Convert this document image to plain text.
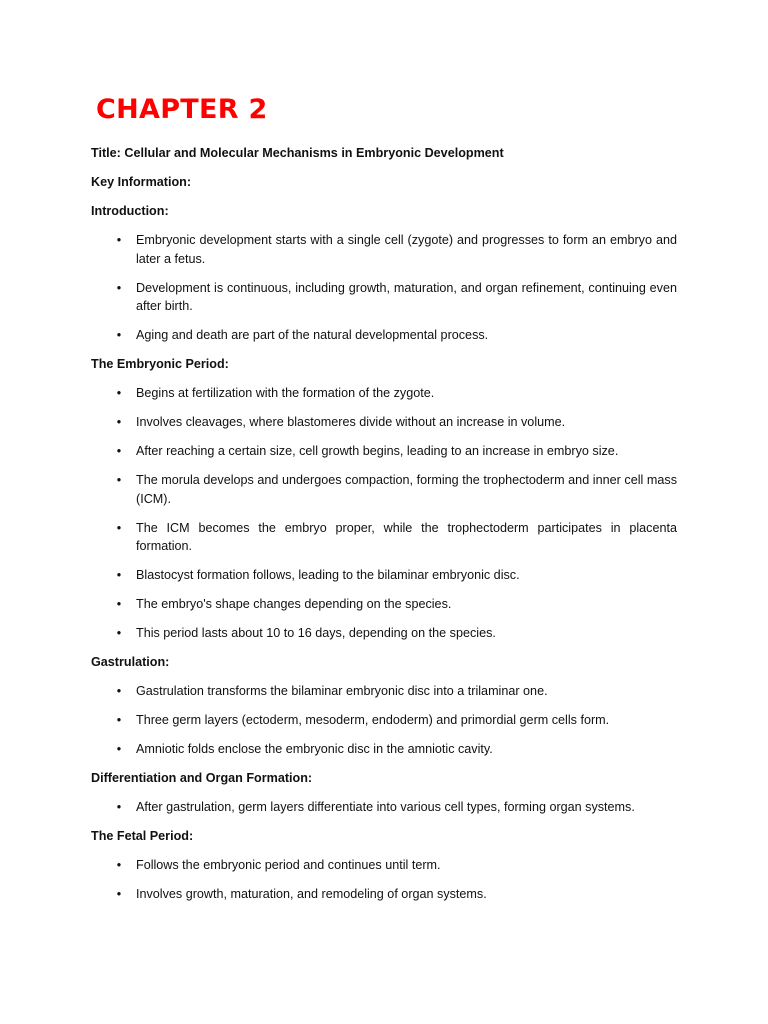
CHAPTER 2

Title: Cellular and Molecular Mechanisms in Embryonic Development

Key Information:

Introduction:

•	Embryonic development starts with a single cell (zygote) and progresses to form an embryo and later a fetus.
•	Development is continuous, including growth, maturation, and organ refinement, continuing even after birth.
•	Aging and death are part of the natural developmental process.

The Embryonic Period:

•	Begins at fertilization with the formation of the zygote.
•	Involves cleavages, where blastomeres divide without an increase in volume.
•	After reaching a certain size, cell growth begins, leading to an increase in embryo size.
•	The morula develops and undergoes compaction, forming the trophectoderm and inner cell mass (ICM).
•	The ICM becomes the embryo proper, while the trophectoderm participates in placenta formation.
•	Blastocyst formation follows, leading to the bilaminar embryonic disc.
•	The embryo's shape changes depending on the species.
•	This period lasts about 10 to 16 days, depending on the species.

Gastrulation:

•	Gastrulation transforms the bilaminar embryonic disc into a trilaminar one.
•	Three germ layers (ectoderm, mesoderm, endoderm) and primordial germ cells form.
•	Amniotic folds enclose the embryonic disc in the amniotic cavity.

Differentiation and Organ Formation:

•	After gastrulation, germ layers differentiate into various cell types, forming organ systems.

The Fetal Period:

•	Follows the embryonic period and continues until term.
•	Involves growth, maturation, and remodeling of organ systems.
